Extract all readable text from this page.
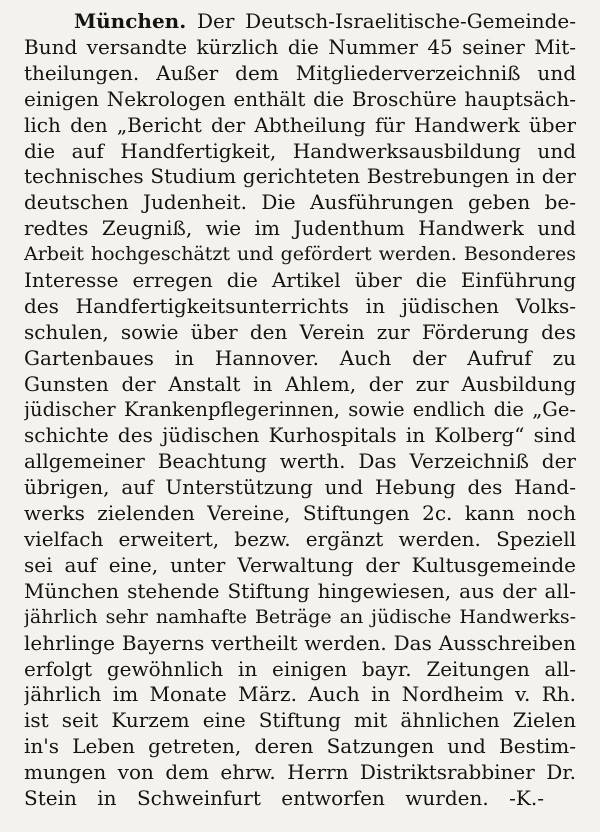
München. Der Deutsch-Israelitische-Gemeinde-
Bund versandte kürzlich die Nummer 45 seiner Mit-
theilungen. Außer dem Mitgliederverzeichniß und
einigen Nekrologen enthält die Broschüre hauptsäch-
lich den „Bericht der Abtheilung für Handwerk über
die auf Handfertigkeit, Handwerksausbildung und
technisches Studium gerichteten Bestrebungen in der
deutschen Judenheit. Die Ausführungen geben be-
redtes Zeugniß, wie im Judenthum Handwerk und
Arbeit hochgeschätzt und gefördert werden. Besonderes
Interesse erregen die Artikel über die Einführung
des Handfertigkeitsunterrichts in jüdischen Volks-
schulen, sowie über den Verein zur Förderung des
Gartenbaues in Hannover. Auch der Aufruf zu
Gunsten der Anstalt in Ahlem, der zur Ausbildung
jüdischer Krankenpflegerinnen, sowie endlich die „Ge-
schichte des jüdischen Kurhospitals in Kolberg“ sind
allgemeiner Beachtung werth. Das Verzeichniß der
übrigen, auf Unterstützung und Hebung des Hand-
werks zielenden Vereine, Stiftungen 2c. kann noch
vielfach erweitert, bezw. ergänzt werden. Speziell
sei auf eine, unter Verwaltung der Kultusgemeinde
München stehende Stiftung hingewiesen, aus der all-
jährlich sehr namhafte Beträge an jüdische Handwerks-
lehrlinge Bayerns vertheilt werden. Das Ausschreiben
erfolgt gewöhnlich in einigen bayr. Zeitungen all-
jährlich im Monate März. Auch in Nordheim v. Rh.
ist seit Kurzem eine Stiftung mit ähnlichen Zielen
in's Leben getreten, deren Satzungen und Bestim-
mungen von dem ehrw. Herrn Distriktsrabbiner Dr.
Stein in Schweinfurt entworfen wurden. -K.-
